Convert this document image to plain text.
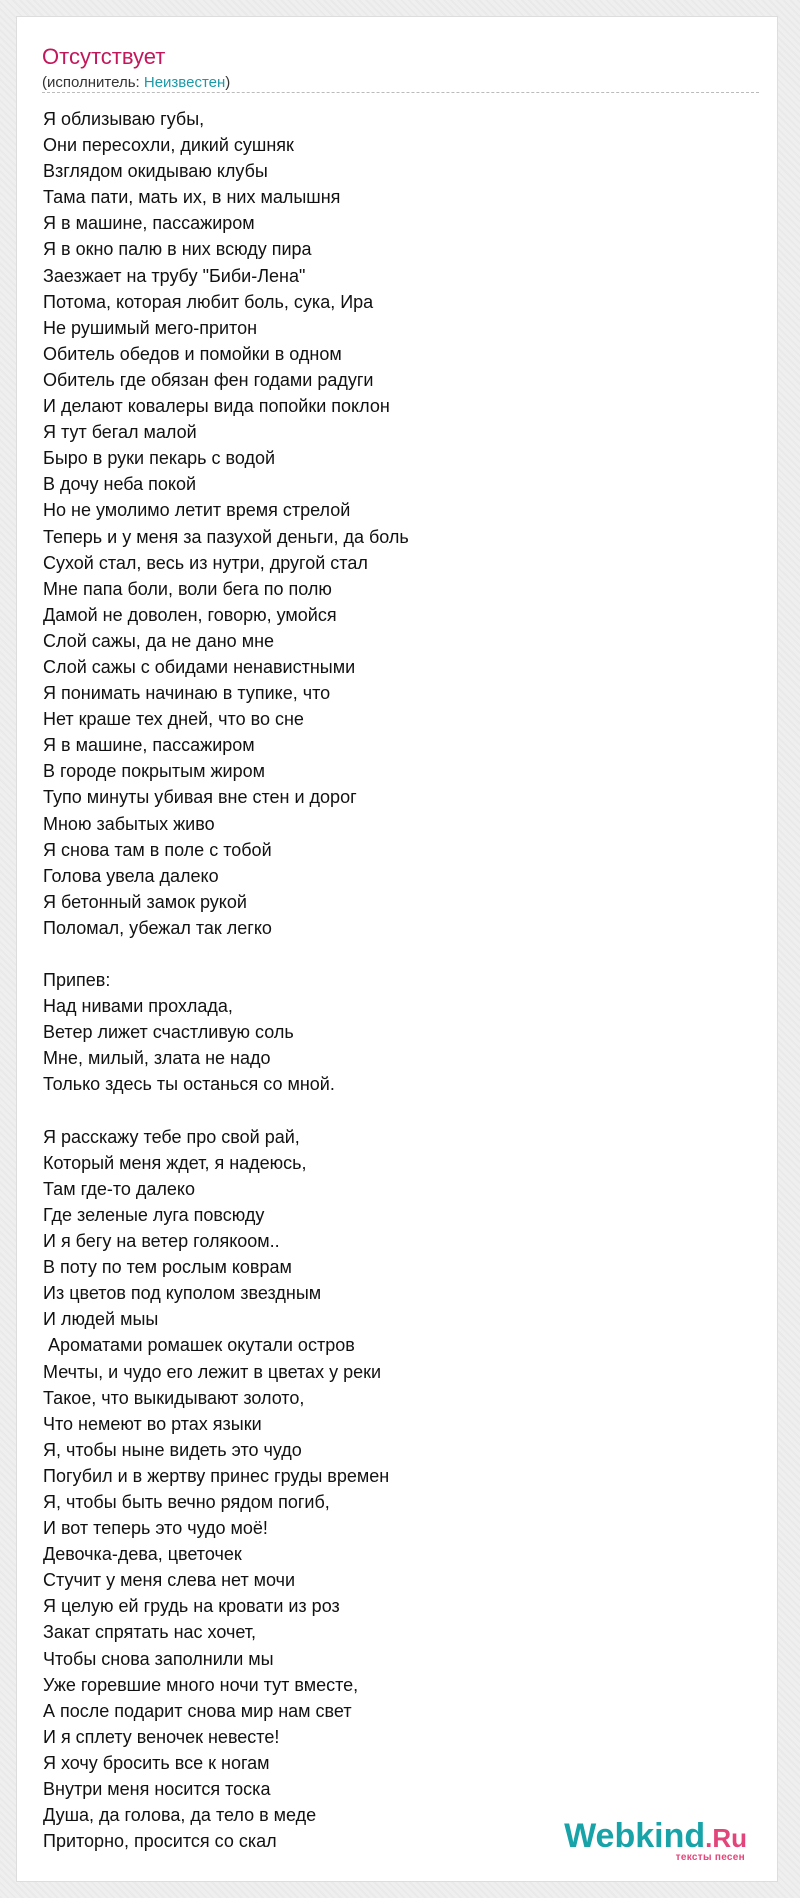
Отсутствует
(исполнитель: Неизвестен)
Я облизываю губы,
Они пересохли, дикий сушняк
Взглядом окидываю клубы
Тама пати, мать их, в них малышня
Я в машине, пассажиром
Я в окно палю в них всюду пира
Заезжает на трубу "Биби-Лена"
Потома, которая любит боль, сука, Ира
Не рушимый мего-притон
Обитель обедов и помойки в одном
Обитель где обязан фен годами радуги
И делают ковалеры вида попойки поклон
Я тут бегал малой
Быро в руки пекарь с водой
В дочу неба покой
Но не умолимо летит время стрелой
Теперь и у меня за пазухой деньги, да боль
Сухой стал, весь из нутри, другой стал
Мне папа боли, воли бега по полю
Дамой не доволен, говорю, умойся
Слой сажы, да не дано мне
Слой сажы с обидами ненавистными
Я понимать начинаю в тупике, что
Нет краше тех дней, что во сне
Я в машине, пассажиром
В городе покрытым жиром
Тупо минуты убивая вне стен и дорог
Мною забытых живо
Я снова там в поле с тобой
Голова увела далеко
Я бетонный замок рукой
Поломал, убежал так легко

Припев:
Над нивами прохлада,
Ветер лижет счастливую соль
Мне, милый, злата не надо
Только здесь ты останься со мной.

Я расскажу тебе про свой рай,
Который меня ждет, я надеюсь,
Там где-то далеко
Где зеленые луга повсюду
И я бегу на ветер голякоом..
В поту по тем рослым коврам
Из цветов под куполом звездным
И людей мыы
Ароматами ромашек окутали остров
Мечты, и чудо его лежит в цветах у реки
Такое, что выкидывают золото,
Что немеют во ртах языки
Я, чтобы ныне видеть это чудо
Погубил и в жертву принес груды времен
Я, чтобы быть вечно рядом погиб,
И вот теперь это чудо моё!
Девочка-дева, цветочек
Стучит у меня слева нет мочи
Я целую ей грудь на кровати из роз
Закат спрятать нас хочет,
Чтобы снова заполнили мы
Уже горевшие много ночи тут вместе,
А после подарит снова мир нам свет
И я сплету веночек невесте!
Я хочу бросить все к ногам
Внутри меня носится тоска
Душа, да голова, да тело в меде
Приторно, просится со скал	Webkind.Ru
тексты песен
